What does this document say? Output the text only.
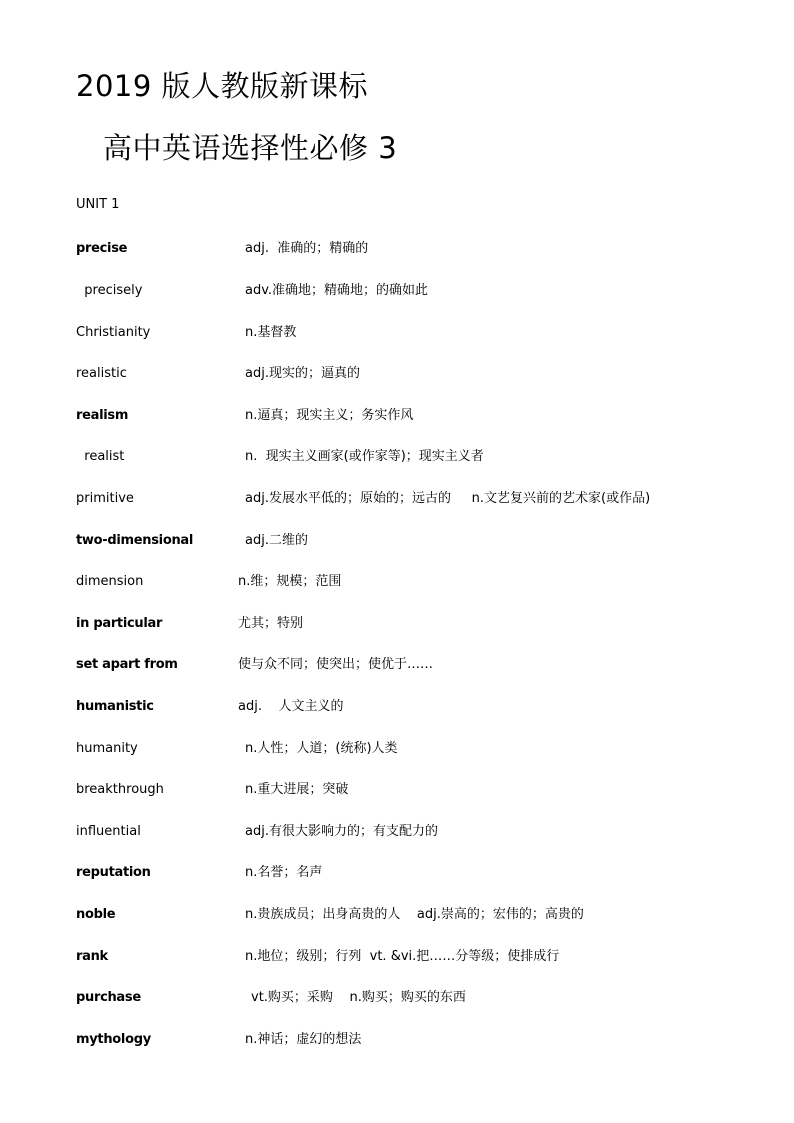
2019 版人教版新课标
高中英语选择性必修 3
UNIT 1
precise	adj.  准确的；精确的
precisely	adv.准确地；精确地；的确如此
Christianity	n.基督教
realistic	adj.现实的；逼真的
realism	n.逼真；现实主义；务实作风
realist	n.  现实主义画家(或作家等)；现实主义者
primitive	adj.发展水平低的；原始的；远古的     n.文艺复兴前的艺术家(或作品)
two-dimensional	adj.二维的
dimension	n.维；规模；范围
in particular	尤其；特别
set apart from	使与众不同；使突出；使优于……
humanistic	adj.    人文主义的
humanity	n.人性；人道；(统称)人类
breakthrough	n.重大进展；突破
influential	adj.有很大影响力的；有支配力的
reputation	n.名誉；名声
noble	n.贵族成员；出身高贵的人    adj.崇高的；宏伟的；高贵的
rank	n.地位；级别；行列  vt. &vi.把……分等级；使排成行
purchase	vt.购买；采购    n.购买；购买的东西
mythology	n.神话；虚幻的想法
